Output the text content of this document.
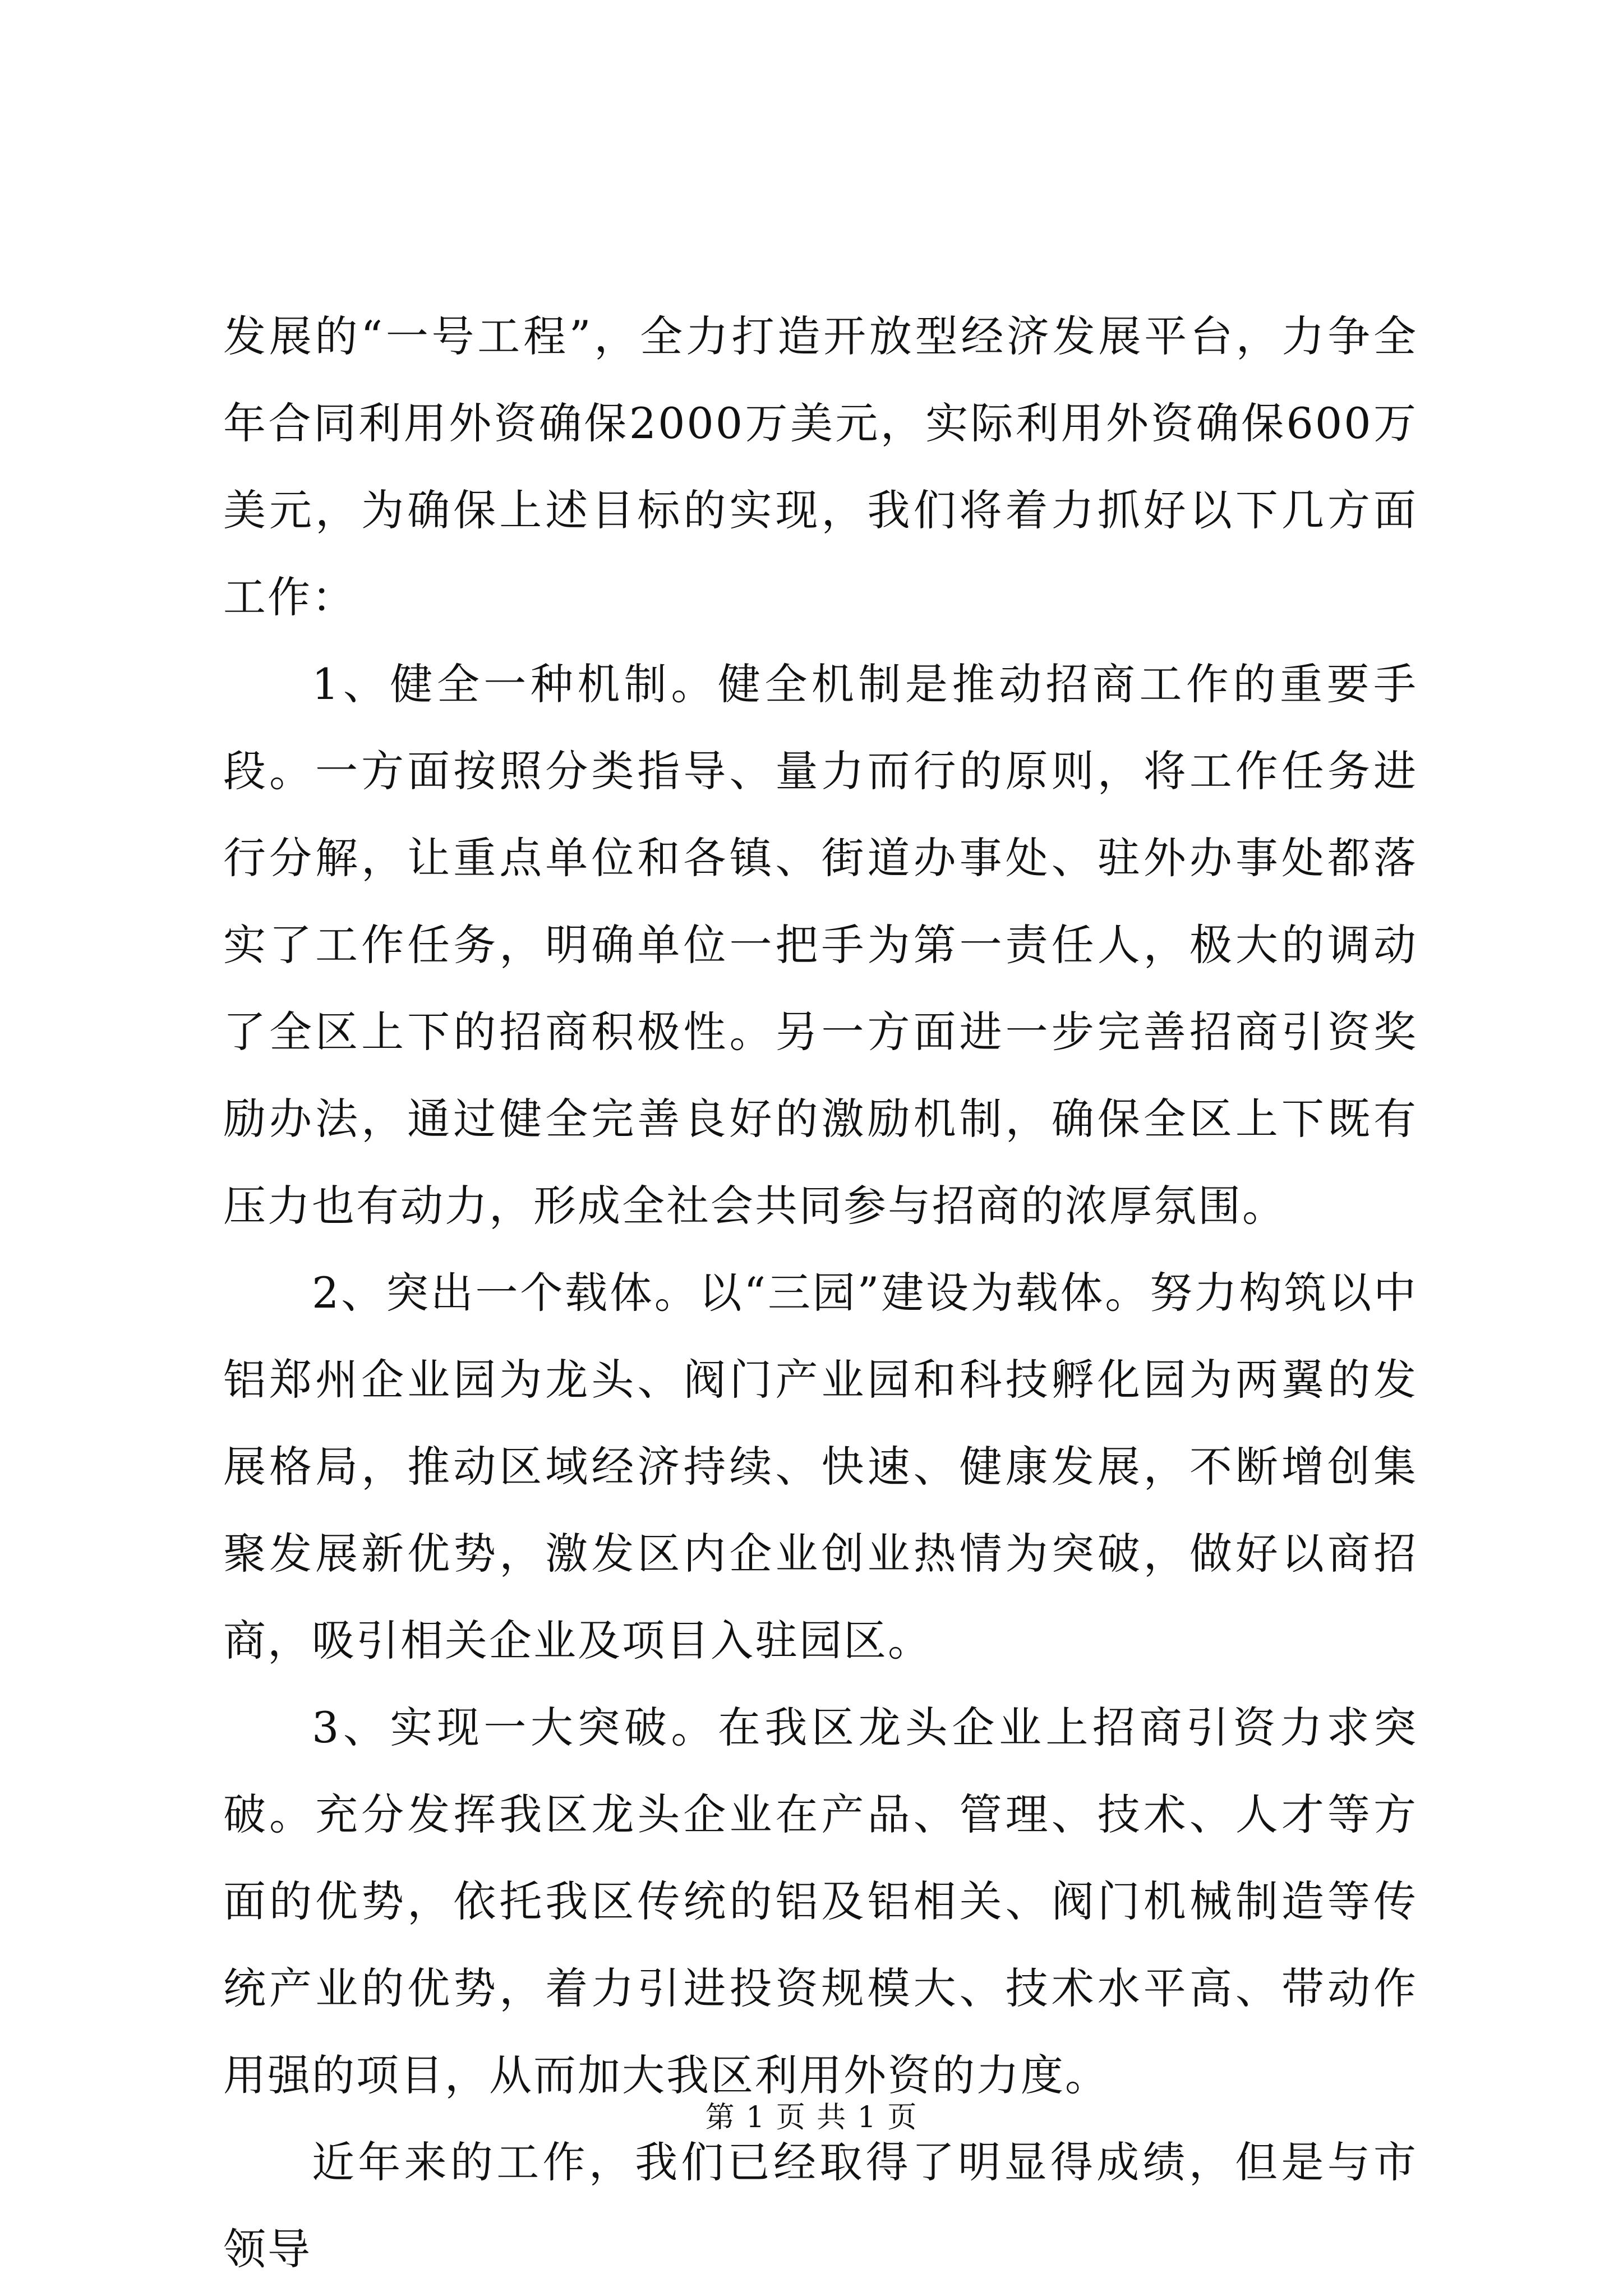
发展的“一号工程”，全力打造开放型经济发展平台，力争全年合同利用外资确保2000万美元，实际利用外资确保600万美元，为确保上述目标的实现，我们将着力抓好以下几方面工作：

1、健全一种机制。健全机制是推动招商工作的重要手段。一方面按照分类指导、量力而行的原则，将工作任务进行分解，让重点单位和各镇、街道办事处、驻外办事处都落实了工作任务，明确单位一把手为第一责任人，极大的调动了全区上下的招商积极性。另一方面进一步完善招商引资奖励办法，通过健全完善良好的激励机制，确保全区上下既有压力也有动力，形成全社会共同参与招商的浓厚氛围。

2、突出一个载体。以“三园”建设为载体。努力构筑以中铝郑州企业园为龙头、阀门产业园和科技孵化园为两翼的发展格局，推动区域经济持续、快速、健康发展，不断增创集聚发展新优势，激发区内企业创业热情为突破，做好以商招商，吸引相关企业及项目入驻园区。

3、实现一大突破。在我区龙头企业上招商引资力求突破。充分发挥我区龙头企业在产品、管理、技术、人才等方面的优势，依托我区传统的铝及铝相关、阀门机械制造等传统产业的优势，着力引进投资规模大、技术水平高、带动作用强的项目，从而加大我区利用外资的力度。

近年来的工作，我们已经取得了明显得成绩，但是与市领导

第 1 页 共 1 页
